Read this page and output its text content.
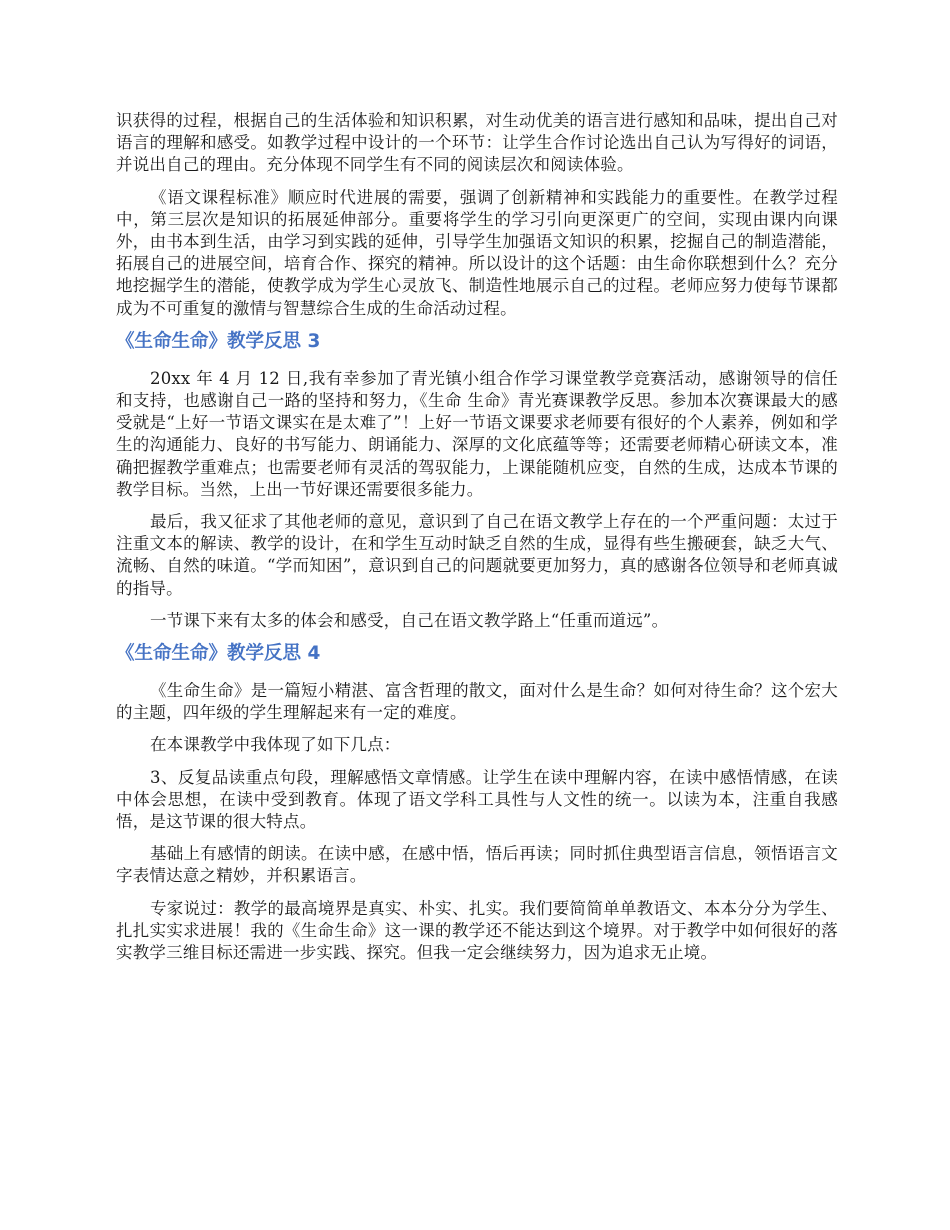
识获得的过程，根据自己的生活体验和知识积累，对生动优美的语言进行感知和品味，提出自己对语言的理解和感受。如教学过程中设计的一个环节：让学生合作讨论选出自己认为写得好的词语，并说出自己的理由。充分体现不同学生有不同的阅读层次和阅读体验。

《语文课程标准》顺应时代进展的需要，强调了创新精神和实践能力的重要性。在教学过程中，第三层次是知识的拓展延伸部分。重要将学生的学习引向更深更广的空间，实现由课内向课外，由书本到生活，由学习到实践的延伸，引导学生加强语文知识的积累，挖掘自己的制造潜能，拓展自己的进展空间，培育合作、探究的精神。所以设计的这个话题：由生命你联想到什么？充分地挖掘学生的潜能，使教学成为学生心灵放飞、制造性地展示自己的过程。老师应努力使每节课都成为不可重复的激情与智慧综合生成的生命活动过程。

《生命生命》教学反思 3

20xx 年 4 月 12 日,我有幸参加了青光镇小组合作学习课堂教学竞赛活动，感谢领导的信任和支持，也感谢自己一路的坚持和努力，《生命 生命》青光赛课教学反思。参加本次赛课最大的感受就是“上好一节语文课实在是太难了”！上好一节语文课要求老师要有很好的个人素养，例如和学生的沟通能力、良好的书写能力、朗诵能力、深厚的文化底蕴等等；还需要老师精心研读文本，准确把握教学重难点；也需要老师有灵活的驾驭能力，上课能随机应变，自然的生成，达成本节课的教学目标。当然，上出一节好课还需要很多能力。

最后，我又征求了其他老师的意见，意识到了自己在语文教学上存在的一个严重问题：太过于注重文本的解读、教学的设计，在和学生互动时缺乏自然的生成，显得有些生搬硬套，缺乏大气、流畅、自然的味道。“学而知困”，意识到自己的问题就要更加努力，真的感谢各位领导和老师真诚的指导。

一节课下来有太多的体会和感受，自己在语文教学路上“任重而道远”。

《生命生命》教学反思 4

《生命生命》是一篇短小精湛、富含哲理的散文，面对什么是生命？如何对待生命？这个宏大的主题，四年级的学生理解起来有一定的难度。

在本课教学中我体现了如下几点：

3、反复品读重点句段，理解感悟文章情感。让学生在读中理解内容，在读中感悟情感，在读中体会思想，在读中受到教育。体现了语文学科工具性与人文性的统一。以读为本，注重自我感悟，是这节课的很大特点。

基础上有感情的朗读。在读中感，在感中悟，悟后再读；同时抓住典型语言信息，领悟语言文字表情达意之精妙，并积累语言。

专家说过：教学的最高境界是真实、朴实、扎实。我们要简简单单教语文、本本分分为学生、扎扎实实求进展！我的《生命生命》这一课的教学还不能达到这个境界。对于教学中如何很好的落实教学三维目标还需进一步实践、探究。但我一定会继续努力，因为追求无止境。
